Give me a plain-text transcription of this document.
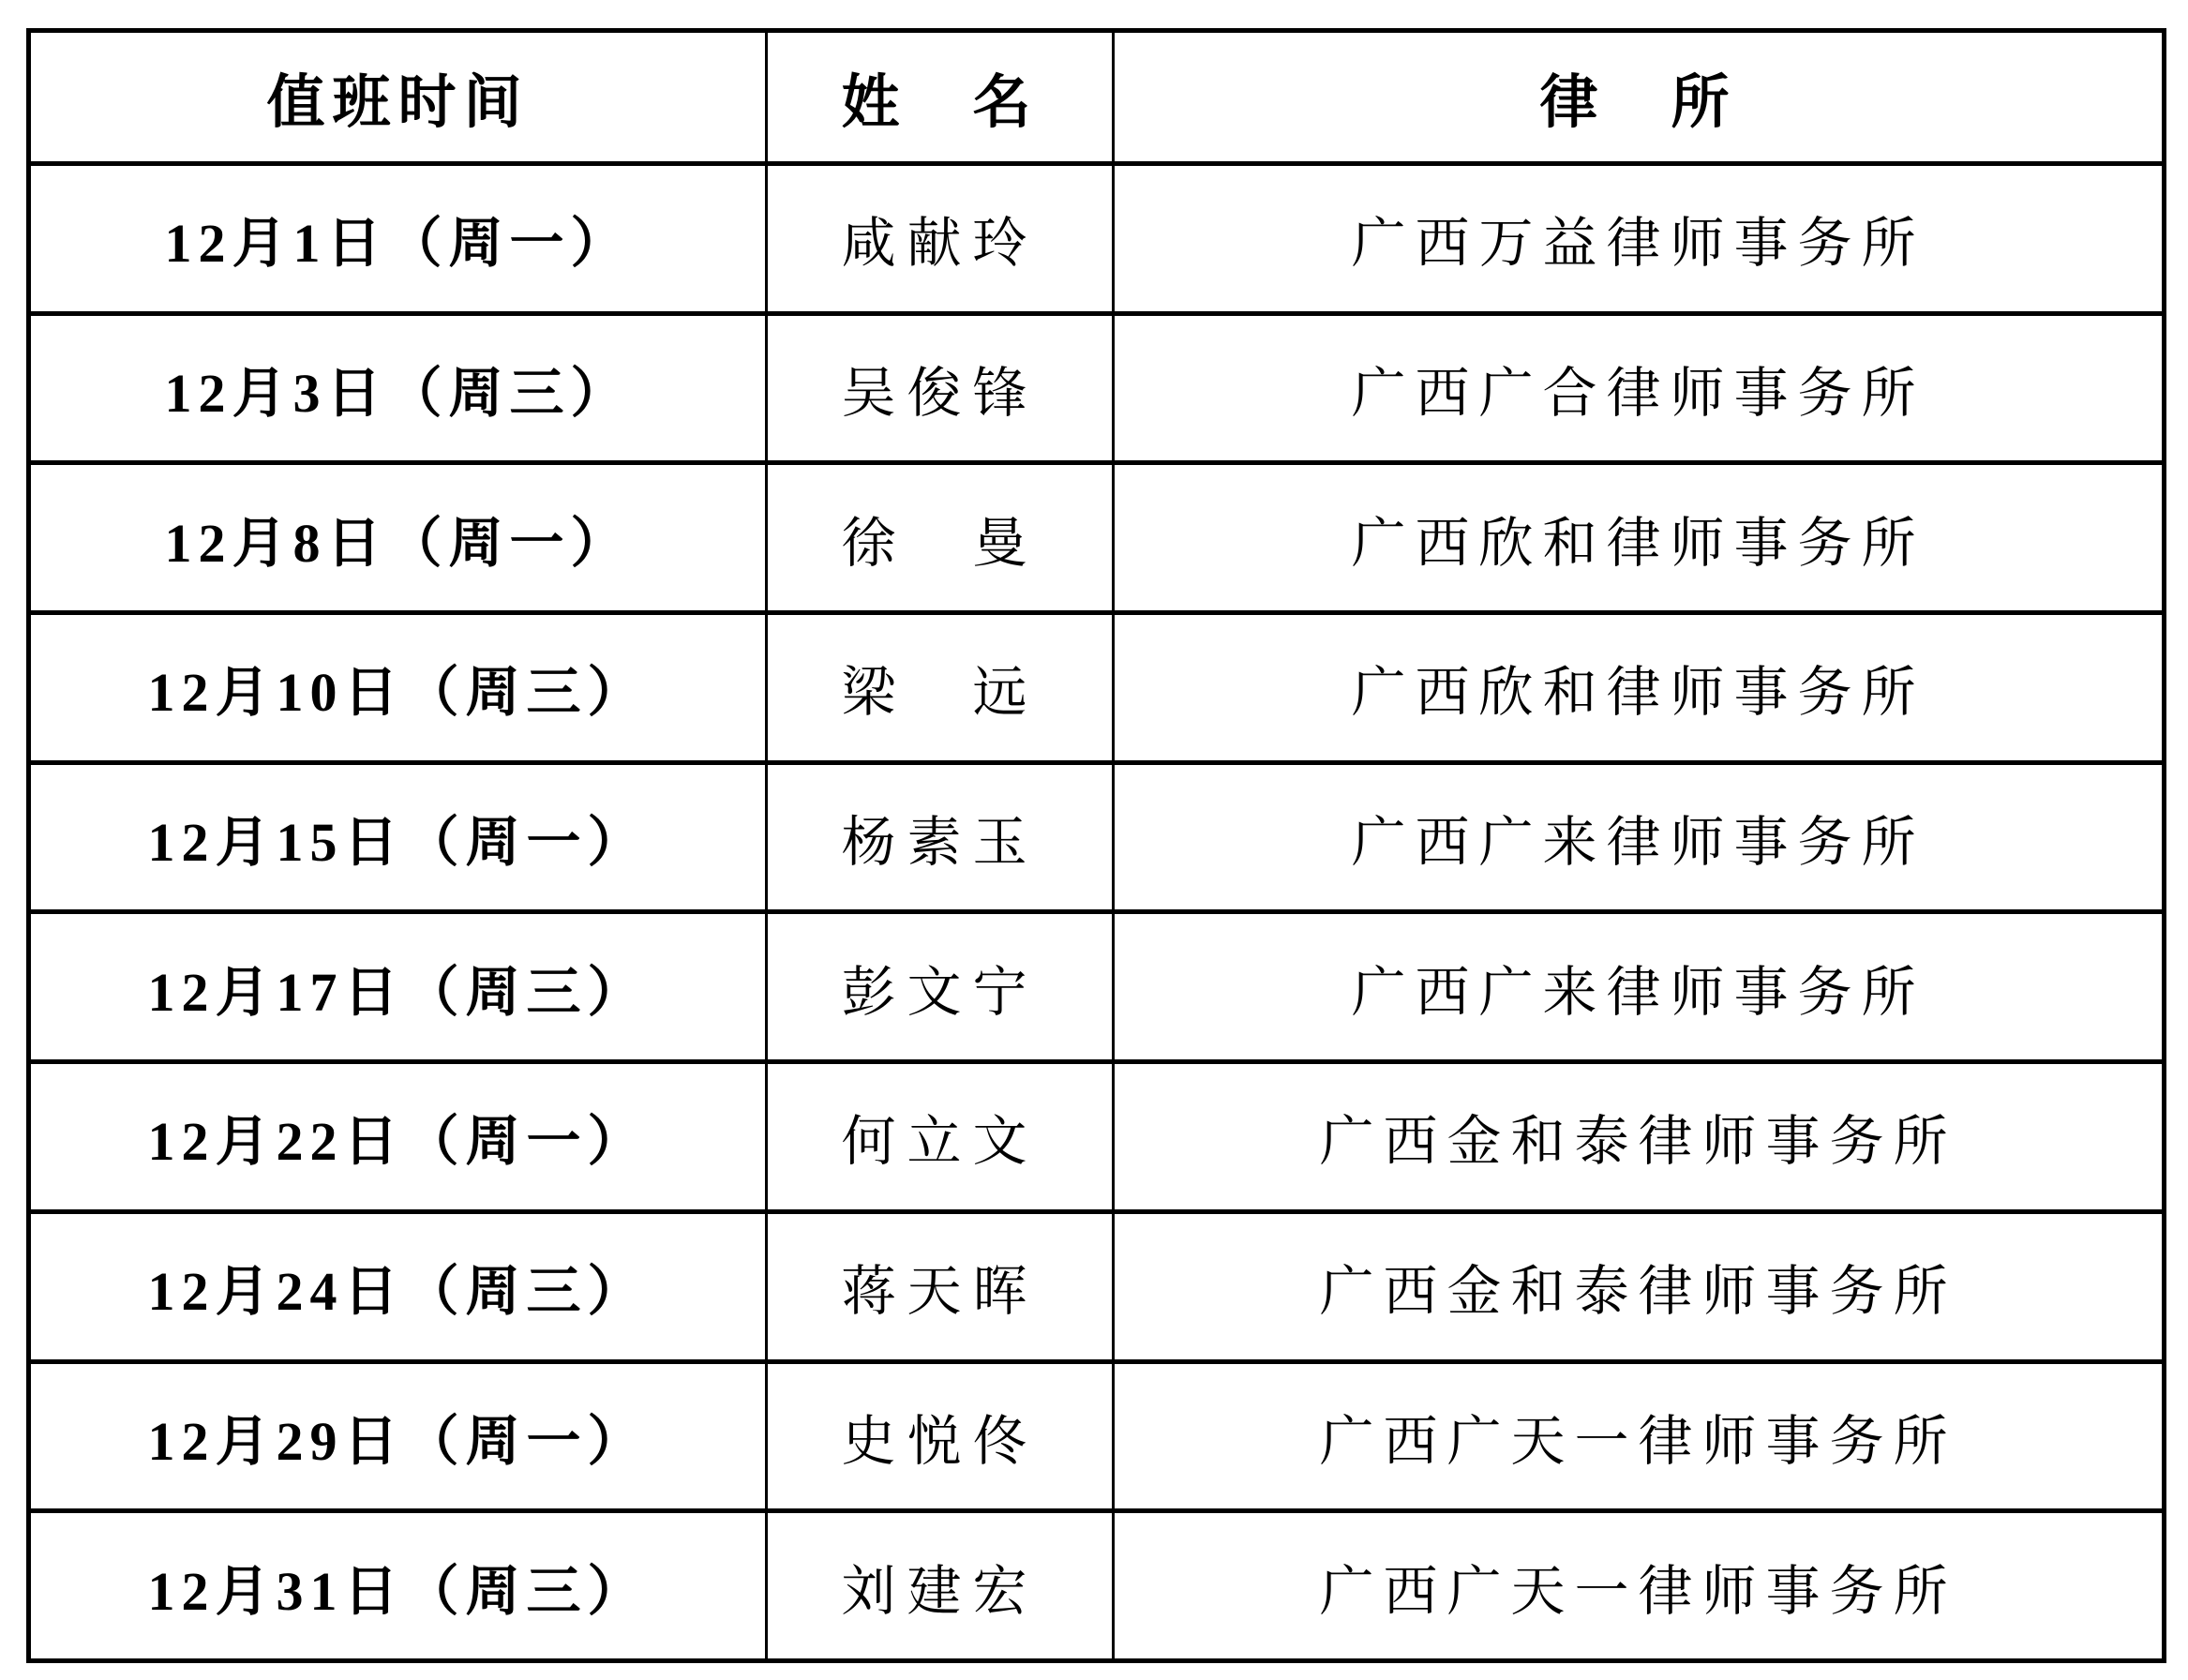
值班时间	姓　名	律　所
12月1日（周一）	咸献玲	广西万益律师事务所
12月3日（周三）	吴俊锋	广西广合律师事务所
12月8日（周一）	徐　曼	广西欣和律师事务所
12月10日（周三）	梁　远	广西欣和律师事务所
12月15日（周一）	杨素玉	广西广来律师事务所
12月17日（周三）	彭文宁	广西广来律师事务所
12月22日（周一）	何立文	广西金和泰律师事务所
12月24日（周三）	蒋天晖	广西金和泰律师事务所
12月29日（周一）	史悦佟	广西广天一律师事务所
12月31日（周三）	刘建宏	广西广天一律师事务所
